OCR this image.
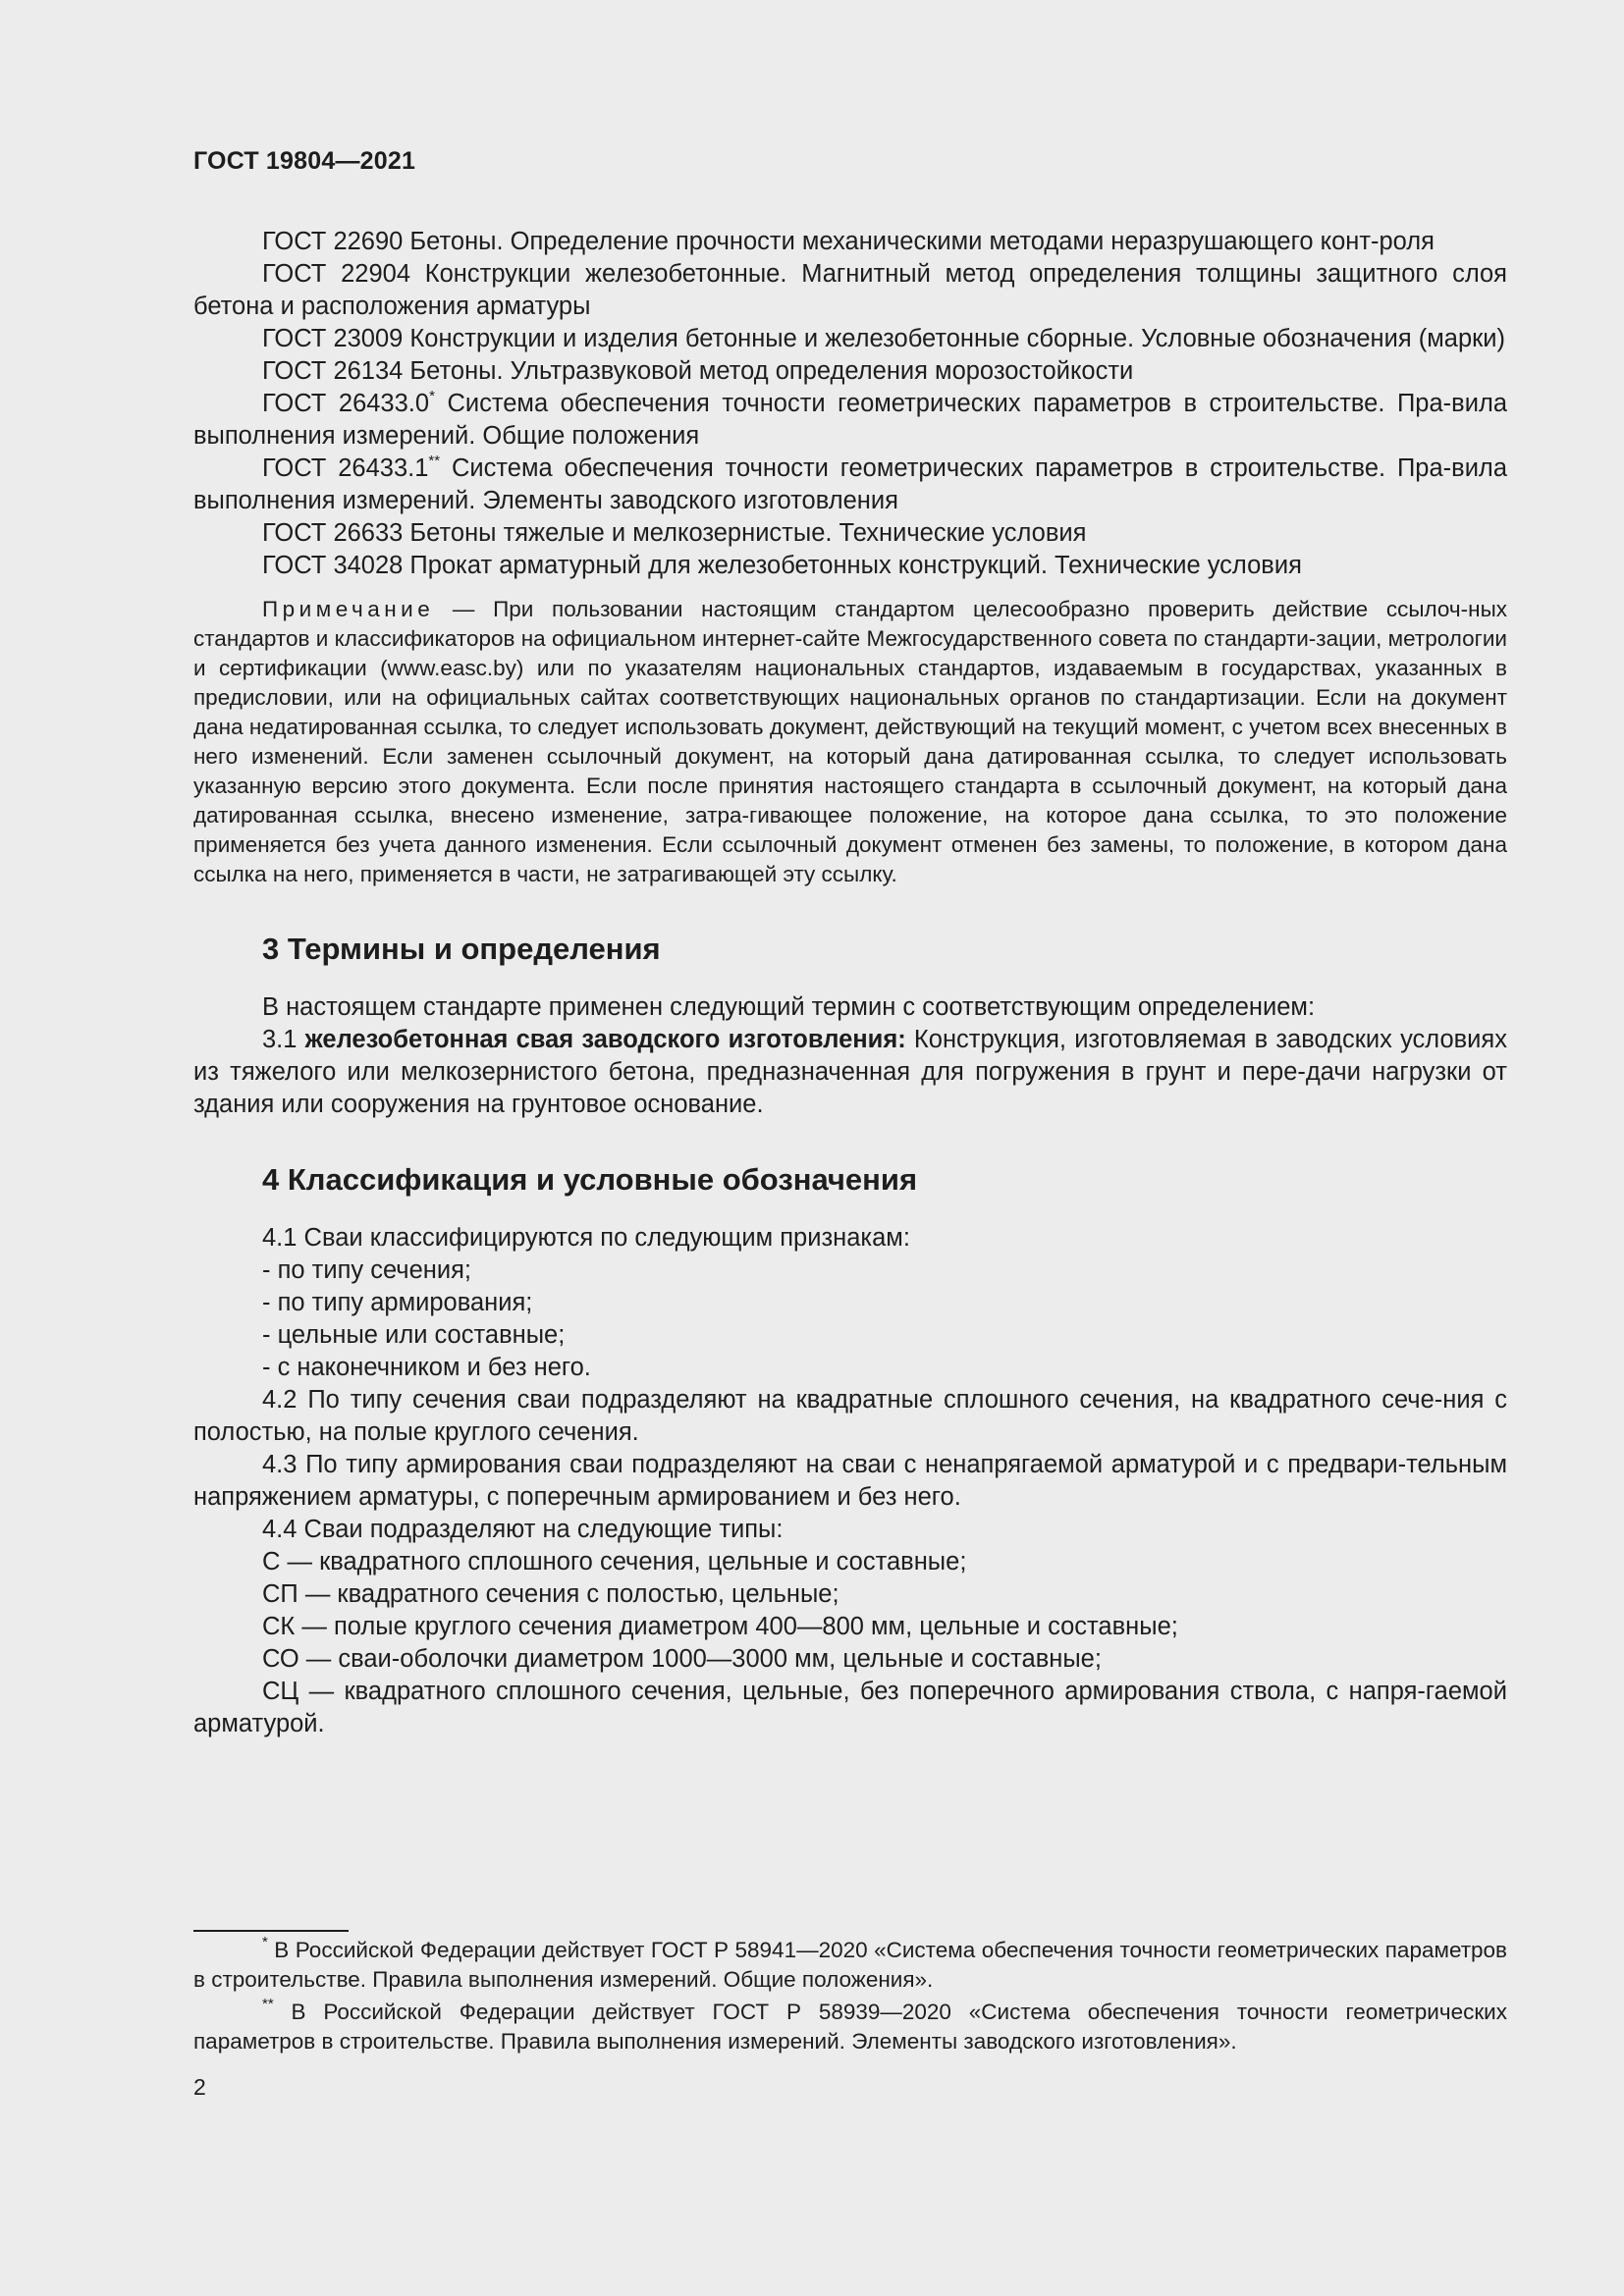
ГОСТ 19804—2021

ГОСТ 22690 Бетоны. Определение прочности механическими методами неразрушающего конт-роля

ГОСТ 22904 Конструкции железобетонные. Магнитный метод определения толщины защитного слоя бетона и расположения арматуры

ГОСТ 23009 Конструкции и изделия бетонные и железобетонные сборные. Условные обозначения (марки)

ГОСТ 26134 Бетоны. Ультразвуковой метод определения морозостойкости

ГОСТ 26433.0* Система обеспечения точности геометрических параметров в строительстве. Пра-вила выполнения измерений. Общие положения

ГОСТ 26433.1** Система обеспечения точности геометрических параметров в строительстве. Пра-вила выполнения измерений. Элементы заводского изготовления

ГОСТ 26633 Бетоны тяжелые и мелкозернистые. Технические условия

ГОСТ 34028 Прокат арматурный для железобетонных конструкций. Технические условия

Примечание — При пользовании настоящим стандартом целесообразно проверить действие ссылоч-ных стандартов и классификаторов на официальном интернет-сайте Межгосударственного совета по стандарти-зации, метрологии и сертификации (www.easc.by) или по указателям национальных стандартов, издаваемым в государствах, указанных в предисловии, или на официальных сайтах соответствующих национальных органов по стандартизации. Если на документ дана недатированная ссылка, то следует использовать документ, действующий на текущий момент, с учетом всех внесенных в него изменений. Если заменен ссылочный документ, на который дана датированная ссылка, то следует использовать указанную версию этого документа. Если после принятия настоящего стандарта в ссылочный документ, на который дана датированная ссылка, внесено изменение, затра-гивающее положение, на которое дана ссылка, то это положение применяется без учета данного изменения. Если ссылочный документ отменен без замены, то положение, в котором дана ссылка на него, применяется в части, не затрагивающей эту ссылку.

3 Термины и определения

В настоящем стандарте применен следующий термин с соответствующим определением:

3.1 железобетонная свая заводского изготовления: Конструкция, изготовляемая в заводских условиях из тяжелого или мелкозернистого бетона, предназначенная для погружения в грунт и пере-дачи нагрузки от здания или сооружения на грунтовое основание.

4 Классификация и условные обозначения

4.1 Сваи классифицируются по следующим признакам:

- по типу сечения;

- по типу армирования;

- цельные или составные;

- с наконечником и без него.

4.2 По типу сечения сваи подразделяют на квадратные сплошного сечения, на квадратного сече-ния с полостью, на полые круглого сечения.

4.3 По типу армирования сваи подразделяют на сваи с ненапрягаемой арматурой и с предвари-тельным напряжением арматуры, с поперечным армированием и без него.

4.4 Сваи подразделяют на следующие типы:

С — квадратного сплошного сечения, цельные и составные;

СП — квадратного сечения с полостью, цельные;

СК — полые круглого сечения диаметром 400—800 мм, цельные и составные;

СО — сваи-оболочки диаметром 1000—3000 мм, цельные и составные;

СЦ — квадратного сплошного сечения, цельные, без поперечного армирования ствола, с напря-гаемой арматурой.

* В Российской Федерации действует ГОСТ Р 58941—2020 «Система обеспечения точности геометрических параметров в строительстве. Правила выполнения измерений. Общие положения».

** В Российской Федерации действует ГОСТ Р 58939—2020 «Система обеспечения точности геометрических параметров в строительстве. Правила выполнения измерений. Элементы заводского изготовления».

2
